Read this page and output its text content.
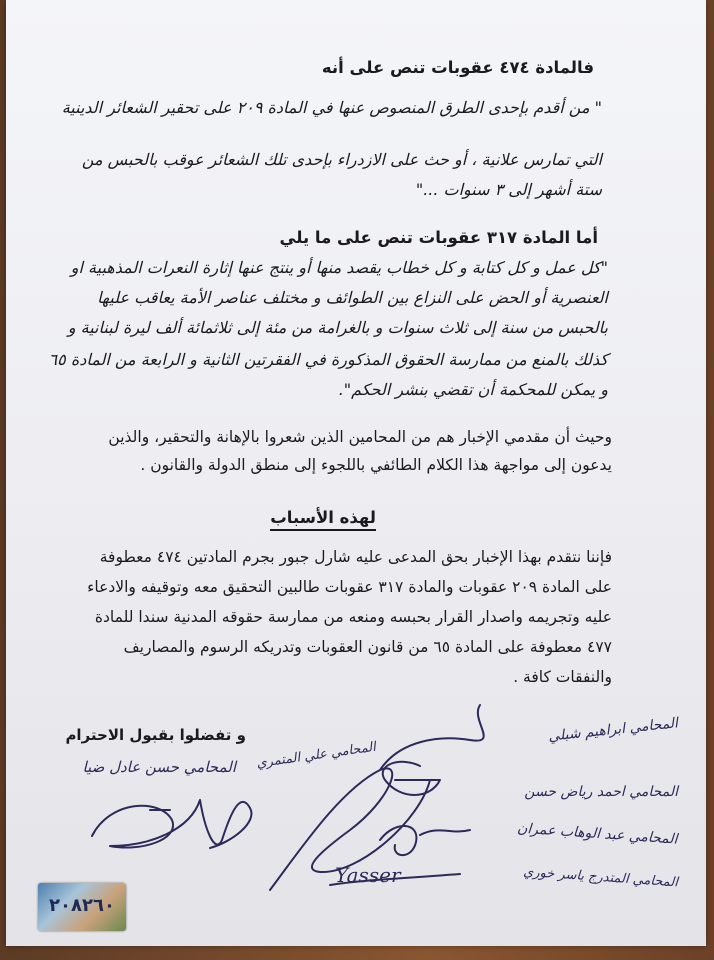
فالمادة ٤٧٤ عقوبات تنص على أنه
" من أقدم بإحدى الطرق المنصوص عنها في المادة ٢٠٩ على تحقير الشعائر الدينية
التي تمارس علانية ، أو حث على الازدراء بإحدى تلك الشعائر عوقب بالحبس من
ستة أشهر إلى ٣ سنوات ..."
أما المادة ٣١٧ عقوبات تنص على ما يلي
"كل عمل و كل كتابة و كل خطاب يقصد منها أو ينتج عنها إثارة النعرات المذهبية او
العنصرية أو الحض على النزاع بين الطوائف و مختلف عناصر الأمة يعاقب عليها
بالحبس من سنة إلى ثلاث سنوات و بالغرامة من مئة إلى ثلاثمائة ألف ليرة لبنانية و
كذلك بالمنع من ممارسة الحقوق المذكورة في الفقرتين الثانية و الرابعة من المادة ٦٥
و يمكن للمحكمة أن تقضي بنشر الحكم".
وحيث أن مقدمي الإخبار هم من المحامين الذين شعروا بالإهانة والتحقير، والذين
يدعون إلى مواجهة هذا الكلام الطائفي باللجوء إلى منطق الدولة والقانون .
لهذه الأسباب
فإننا نتقدم بهذا الإخبار بحق المدعى عليه شارل جبور بجرم المادتين ٤٧٤ معطوفة
على المادة ٢٠٩ عقوبات والمادة ٣١٧ عقوبات طالبين التحقيق معه وتوقيفه والادعاء
عليه وتجريمه واصدار القرار بحبسه ومنعه من ممارسة حقوقه المدنية سندا للمادة
٤٧٧ معطوفة على المادة ٦٥ من قانون العقوبات وتدريكه الرسوم والمصاريف
والنفقات كافة .
و تفضلوا بقبول الاحترام
المحامي حسن عادل ضيا المحامي علي المتمري
المحامي ابراهيم شبلي
المحامي احمد رياض حسن
المحامي عبد الوهاب عمران
المحامي المتدرج ياسر خوري
Yasser
٢٠٨٢٦٠
